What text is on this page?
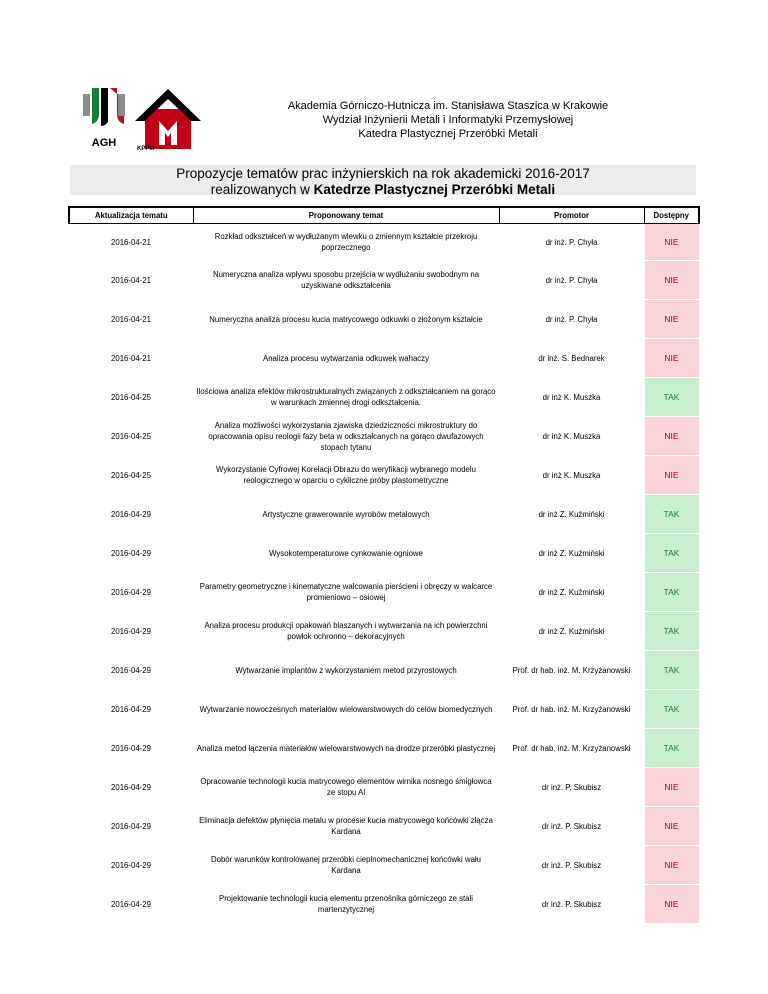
AGH	KPPM
Akademia Górniczo-Hutnicza im. Stanisława Staszica w Krakowie
Wydział Inżynierii Metali i Informatyki Przemysłowej
Katedra Plastycznej Przeróbki Metali
Propozycje tematów prac inżynierskich na rok akademicki 2016-2017
realizowanych w Katedrze Plastycznej Przeróbki Metali
Aktualizacja tematu	Proponowany temat	Promotor	Dostępny
2016-04-21	Rozkład odkształceń w wydłużanym wlewku o zmiennym kształcie przekroju poprzecznego	dr inż. P. Chyła	NIE
2016-04-21	Numeryczna analiza wpływu sposobu przejścia w wydłużaniu swobodnym na uzyskiwane odkształcenia	dr inż. P. Chyła	NIE
2016-04-21	Numeryczna analiza procesu kucia matrycowego odkuwki o złożonym kształcie	dr inż. P. Chyła	NIE
2016-04-21	Analiza procesu wytwarzania odkuwek wahaczy	dr inż. S. Bednarek	NIE
2016-04-25	Ilościowa analiza efektów mikrostrukturalnych związanych z odkształcaniem na gorąco w warunkach zmiennej drogi odkształcenia.	dr inż K. Muszka	TAK
2016-04-25	Analiza możliwości wykorzystania zjawiska dziedziczności mikrostruktury do opracowania opisu reologii fazy beta w odkształcanych na gorąco dwufazowych stopach tytanu	dr inż K. Muszka	NIE
2016-04-25	Wykorzystanie Cyfrowej Korelacji Obrazu do weryfikacji wybranego modelu reologicznego w oparciu o cykliczne próby plastometryczne	dr inż K. Muszka	NIE
2016-04-29	Artystyczne grawerowanie wyrobów metalowych	dr inż Z. Kuźmiński	TAK
2016-04-29	Wysokotemperaturowe cynkowanie ogniowe	dr inż Z. Kuźmiński	TAK
2016-04-29	Parametry geometryczne i kinematyczne walcowania pierścieni i obręczy w walcarce promieniowo – osiowej	dr inż Z. Kuźmiński	TAK
2016-04-29	Analiza procesu produkcji opakowań blaszanych i wytwarzania na ich powierzchni powłok ochronno – dekoracyjnych	dr inż Z. Kuźmiński	TAK
2016-04-29	Wytwarzanie implantów z wykorzystaniem metod przyrostowych	Prof. dr hab. inż. M. Krzyżanowski	TAK
2016-04-29	Wytwarzanie nowoczesnych materiałów wielowarstwowych do celów biomedycznych	Prof. dr hab. inż. M. Krzyżanowski	TAK
2016-04-29	Analiza metod łączenia materiałów wielowarstwowych na drodze przeróbki plastycznej	Prof. dr hab. inż. M. Krzyżanowski	TAK
2016-04-29	Opracowanie technologii kucia matrycowego elementów wirnika nosnego śmigłowca ze stopu Al	dr inż. P. Skubisz	NIE
2016-04-29	Eliminacja defektów płynięcia metalu w procesie kucia matrycowego końcówki złącza Kardana	dr inż. P. Skubisz	NIE
2016-04-29	Dobór warunków kontrolowanej przeróbki cieplnomechanicznej końcówki wału Kardana	dr inż. P. Skubisz	NIE
2016-04-29	Projektowanie technologii kucia elementu przenośnika górniczego ze stali martenzytycznej	dr inż. P. Skubisz	NIE
